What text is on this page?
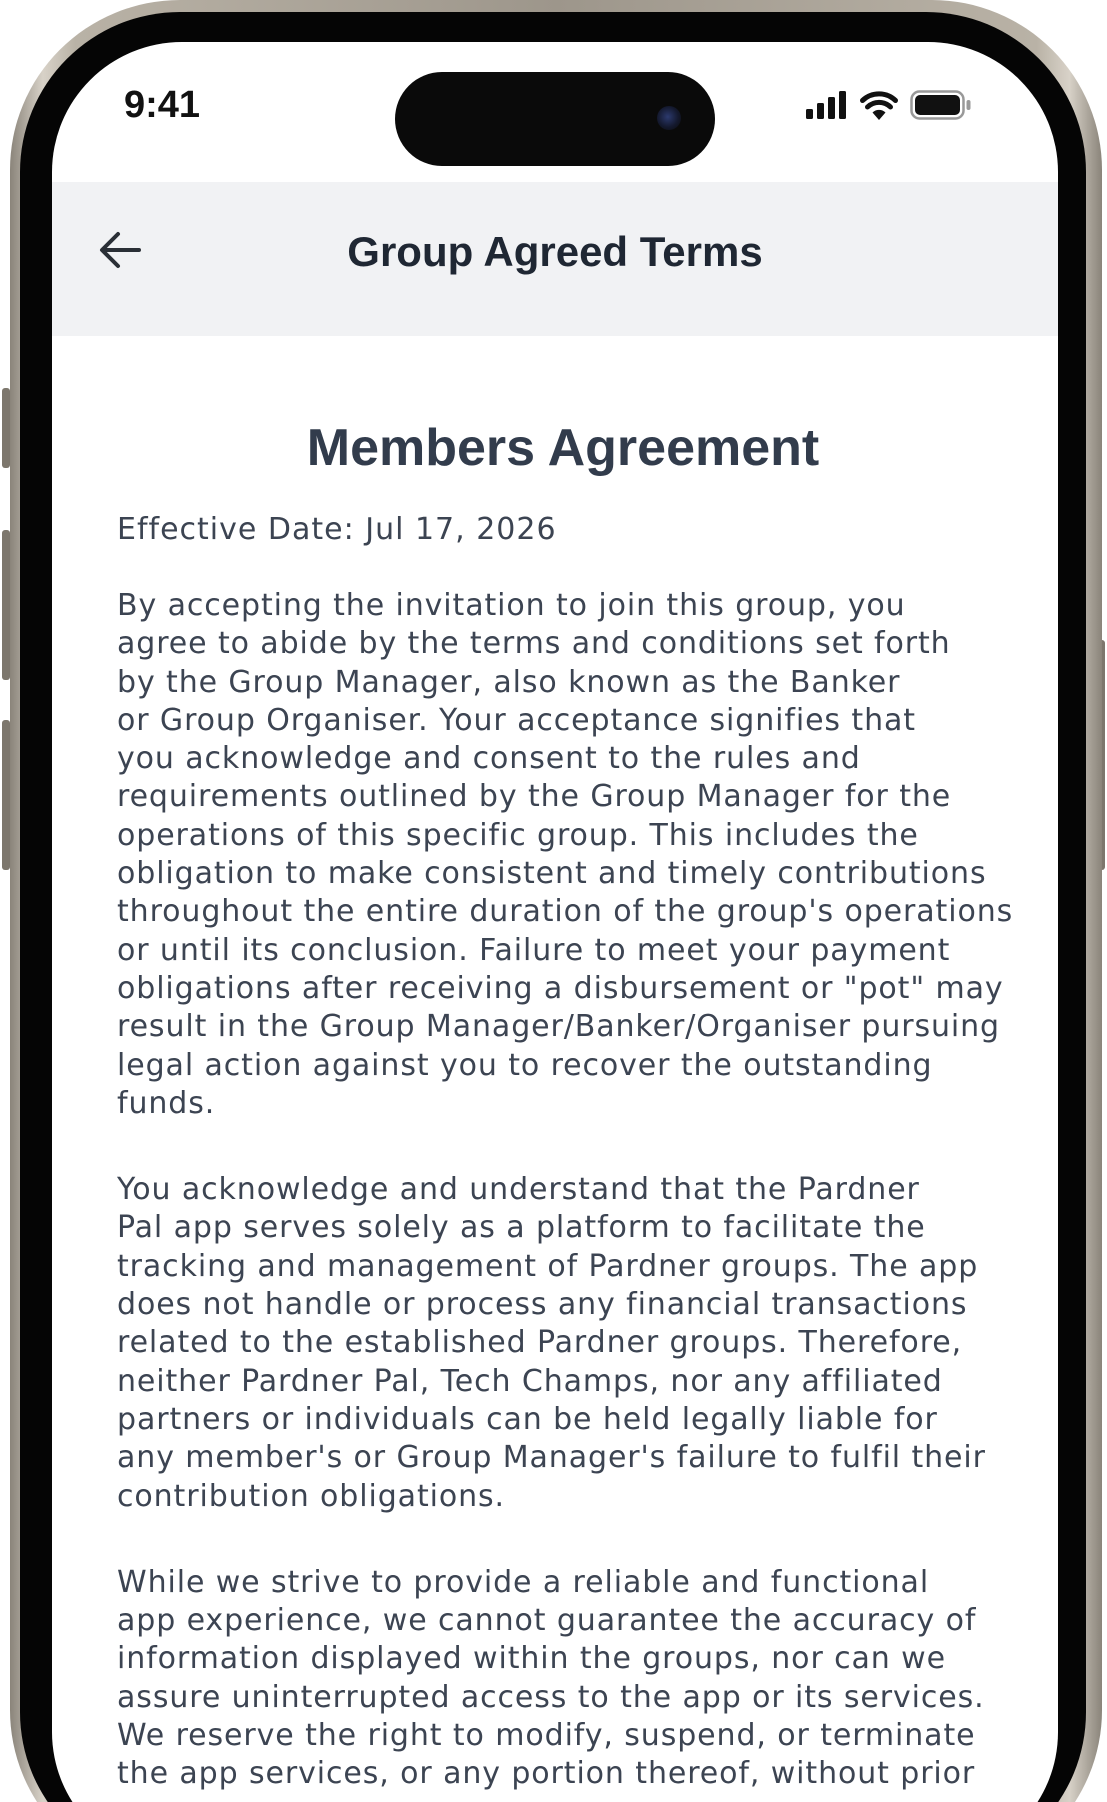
9:41
Group Agreed Terms
Members Agreement
Effective Date: Jul 17, 2026

By accepting the invitation to join this group, you
agree to abide by the terms and conditions set forth
by the Group Manager, also known as the Banker
or Group Organiser. Your acceptance signifies that
you acknowledge and consent to the rules and
requirements outlined by the Group Manager for the
operations of this specific group. This includes the
obligation to make consistent and timely contributions
throughout the entire duration of the group's operations
or until its conclusion. Failure to meet your payment
obligations after receiving a disbursement or "pot" may
result in the Group Manager/Banker/Organiser pursuing
legal action against you to recover the outstanding
funds.

You acknowledge and understand that the Pardner
Pal app serves solely as a platform to facilitate the
tracking and management of Pardner groups. The app
does not handle or process any financial transactions
related to the established Pardner groups. Therefore,
neither Pardner Pal, Tech Champs, nor any affiliated
partners or individuals can be held legally liable for
any member's or Group Manager's failure to fulfil their
contribution obligations.

While we strive to provide a reliable and functional
app experience, we cannot guarantee the accuracy of
information displayed within the groups, nor can we
assure uninterrupted access to the app or its services.
We reserve the right to modify, suspend, or terminate
the app services, or any portion thereof, without prior
